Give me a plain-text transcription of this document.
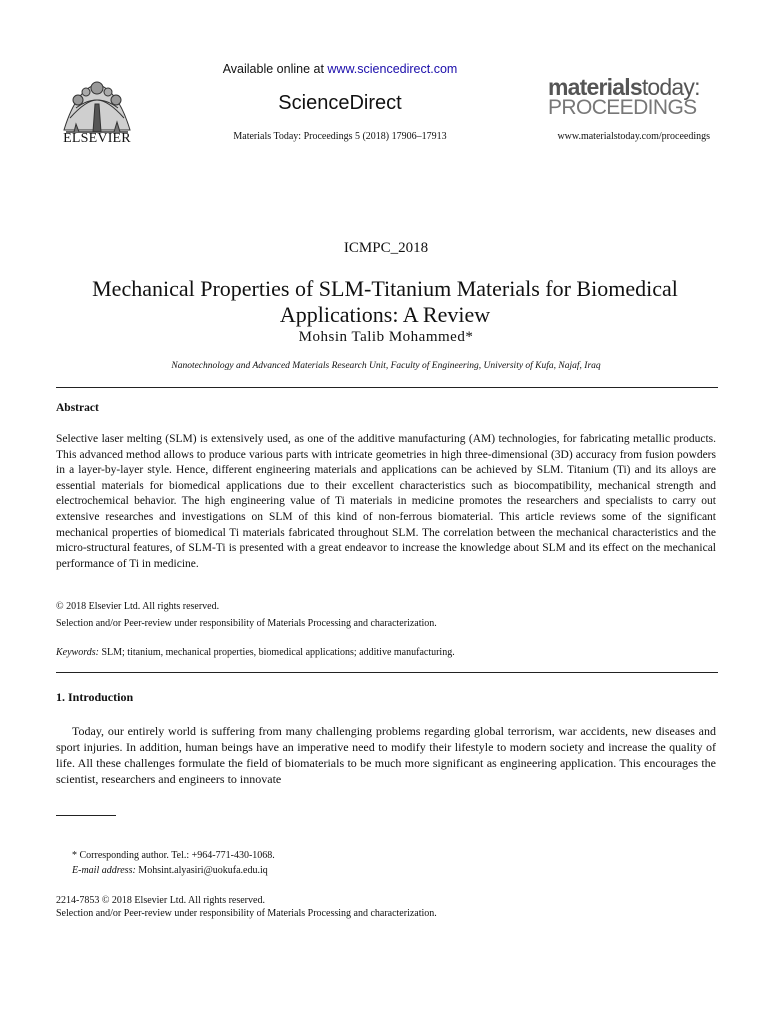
ELSEVIER
Available online at www.sciencedirect.com
ScienceDirect
Materials Today: Proceedings 5 (2018) 17906–17913
materialstoday:
PROCEEDINGS
www.materialstoday.com/proceedings
ICMPC_2018
Mechanical Properties of SLM-Titanium Materials for Biomedical Applications: A Review
Mohsin Talib Mohammed*
Nanotechnology and Advanced Materials Research Unit, Faculty of Engineering, University of Kufa, Najaf, Iraq
Abstract
Selective laser melting (SLM) is extensively used, as one of the additive manufacturing (AM) technologies, for fabricating metallic products. This advanced method allows to produce various parts with intricate geometries in high three-dimensional (3D) accuracy from fusion powders in a layer-by-layer style. Hence, different engineering materials and applications can be achieved by SLM. Titanium (Ti) and its alloys are essential materials for biomedical applications due to their excellent characteristics such as biocompatibility, mechanical strength and electrochemical behavior. The high engineering value of Ti materials in medicine promotes the researchers and specialists to carry out extensive researches and investigations on SLM of this kind of non-ferrous biomaterial. This article reviews some of the significant mechanical properties of biomedical Ti materials fabricated throughout SLM. The correlation between the mechanical characteristics and the micro-structural features, of SLM-Ti is presented with a great endeavor to increase the knowledge about SLM and its effect on the mechanical performance of Ti in medicine.
© 2018 Elsevier Ltd. All rights reserved.
Selection and/or Peer-review under responsibility of Materials Processing and characterization.
Keywords: SLM; titanium, mechanical properties, biomedical applications; additive manufacturing.
1. Introduction
Today, our entirely world is suffering from many challenging problems regarding global terrorism, war accidents, new diseases and sport injuries. In addition, human beings have an imperative need to modify their lifestyle to modern society and increase the quality of life. All these challenges formulate the field of biomaterials to be much more significant as engineering application. This encourages the scientist, researchers and engineers to innovate
* Corresponding author. Tel.: +964-771-430-1068.
E-mail address: Mohsint.alyasiri@uokufa.edu.iq
2214-7853 © 2018 Elsevier Ltd. All rights reserved.
Selection and/or Peer-review under responsibility of Materials Processing and characterization.
